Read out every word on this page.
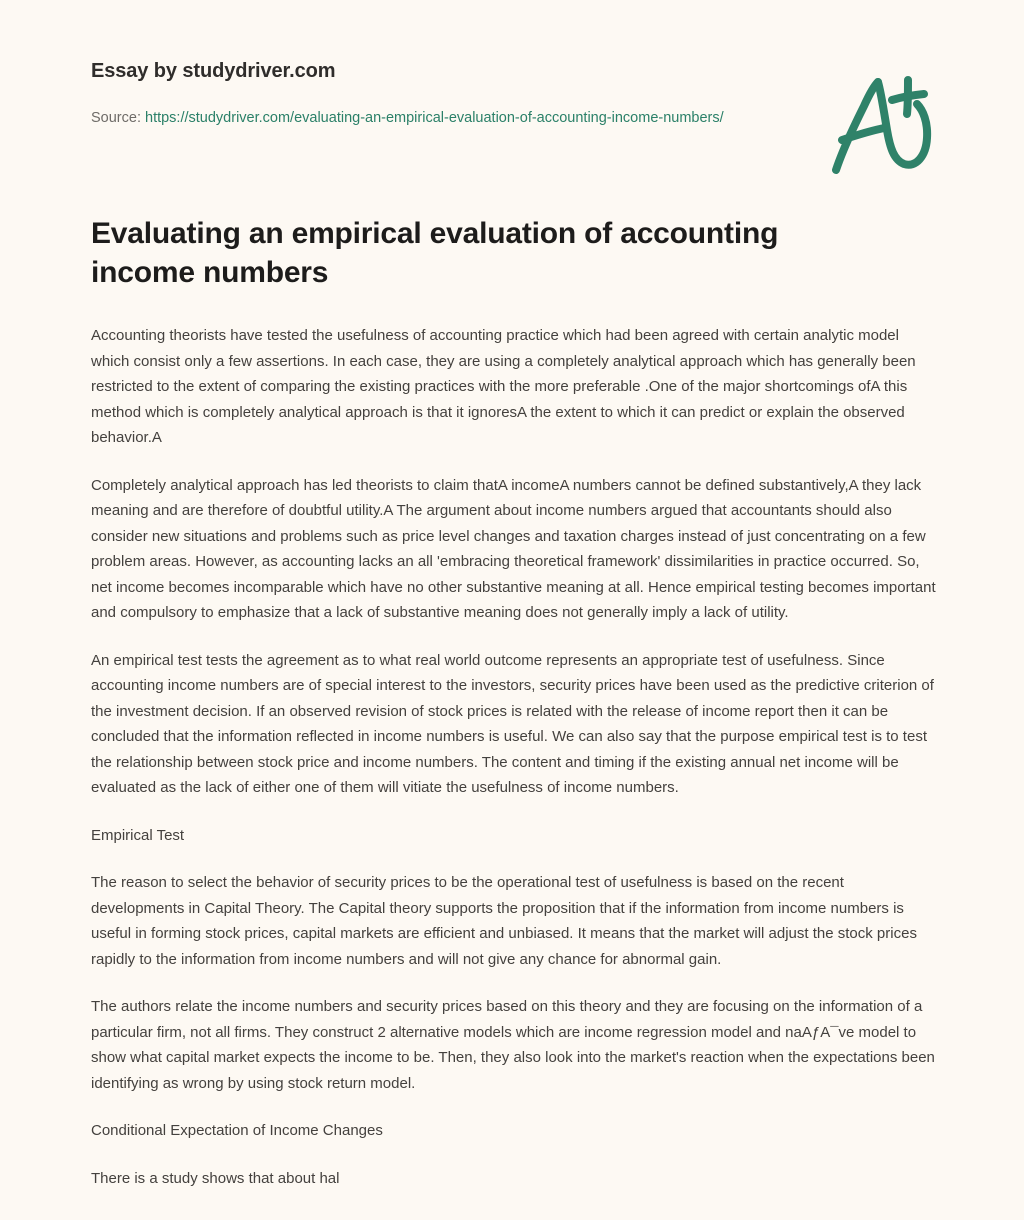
Essay by studydriver.com
Source: https://studydriver.com/evaluating-an-empirical-evaluation-of-accounting-income-numbers/
Evaluating an empirical evaluation of accounting income numbers

Accounting theorists have tested the usefulness of accounting practice which had been agreed with certain analytic model which consist only a few assertions. In each case, they are using a completely analytical approach which has generally been restricted to the extent of comparing the existing practices with the more preferable .One of the major shortcomings ofA this method which is completely analytical approach is that it ignoresA the extent to which it can predict or explain the observed behavior.A

Completely analytical approach has led theorists to claim thatA incomeA numbers cannot be defined substantively,A they lack meaning and are therefore of doubtful utility.A The argument about income numbers argued that accountants should also consider new situations and problems such as price level changes and taxation charges instead of just concentrating on a few problem areas. However, as accounting lacks an all 'embracing theoretical framework' dissimilarities in practice occurred. So, net income becomes incomparable which have no other substantive meaning at all. Hence empirical testing becomes important and compulsory to emphasize that a lack of substantive meaning does not generally imply a lack of utility.

An empirical test tests the agreement as to what real world outcome represents an appropriate test of usefulness. Since accounting income numbers are of special interest to the investors, security prices have been used as the predictive criterion of the investment decision. If an observed revision of stock prices is related with the release of income report then it can be concluded that the information reflected in income numbers is useful. We can also say that the purpose empirical test is to test the relationship between stock price and income numbers. The content and timing if the existing annual net income will be evaluated as the lack of either one of them will vitiate the usefulness of income numbers.

Empirical Test

The reason to select the behavior of security prices to be the operational test of usefulness is based on the recent developments in Capital Theory. The Capital theory supports the proposition that if the information from income numbers is useful in forming stock prices, capital markets are efficient and unbiased. It means that the market will adjust the stock prices rapidly to the information from income numbers and will not give any chance for abnormal gain.

The authors relate the income numbers and security prices based on this theory and they are focusing on the information of a particular firm, not all firms. They construct 2 alternative models which are income regression model and naAƒA¯ve model to show what capital market expects the income to be. Then, they also look into the market's reaction when the expectations been identifying as wrong by using stock return model.

Conditional Expectation of Income Changes

There is a study shows that about hal
